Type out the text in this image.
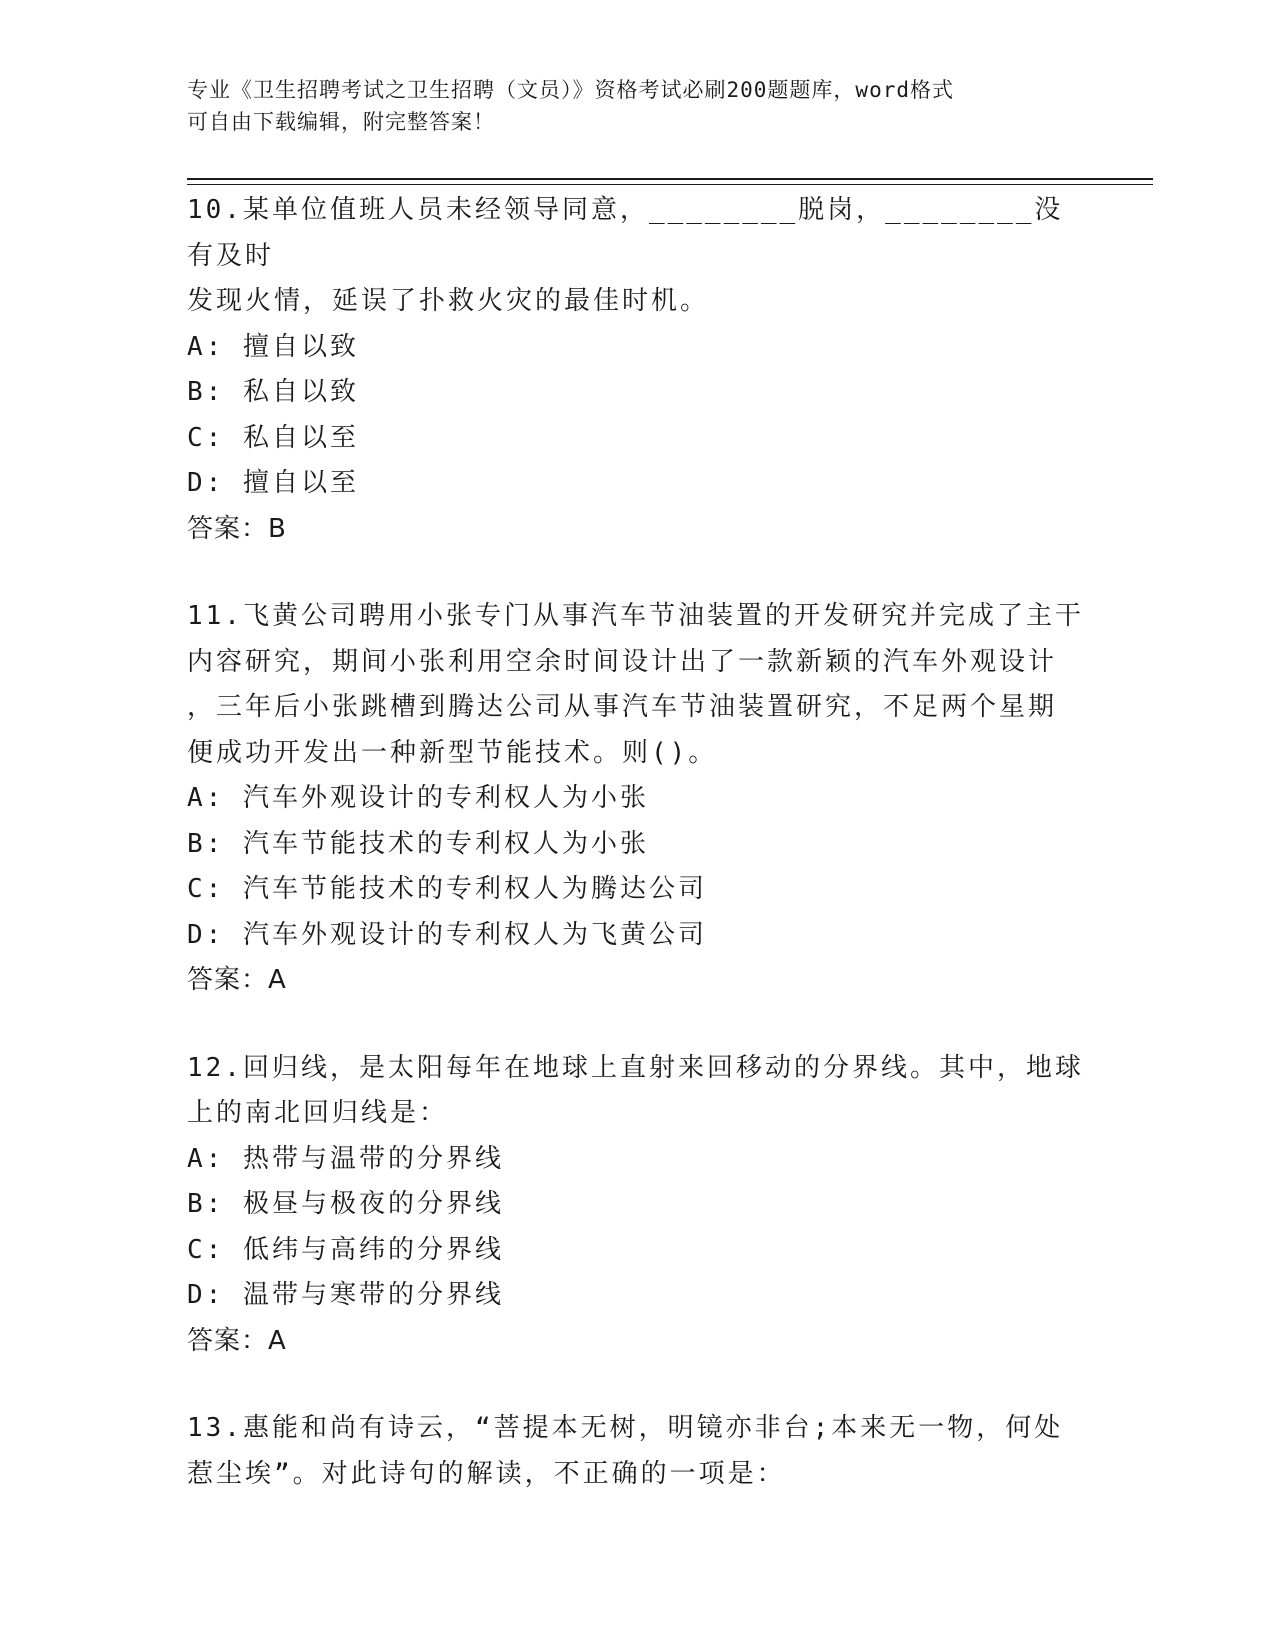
专业《卫生招聘考试之卫生招聘（文员）》资格考试必刷200题题库，word格式
可自由下载编辑，附完整答案！
10.某单位值班人员未经领导同意，________脱岗，________没有及时
发现火情，延误了扑救火灾的最佳时机。
A: 擅自以致
B: 私自以致
C: 私自以至
D: 擅自以至
答案：B
11.飞黄公司聘用小张专门从事汽车节油装置的开发研究并完成了主干
内容研究，期间小张利用空余时间设计出了一款新颖的汽车外观设计
，三年后小张跳槽到腾达公司从事汽车节油装置研究，不足两个星期
便成功开发出一种新型节能技术。则()。
A: 汽车外观设计的专利权人为小张
B: 汽车节能技术的专利权人为小张
C: 汽车节能技术的专利权人为腾达公司
D: 汽车外观设计的专利权人为飞黄公司
答案：A
12.回归线，是太阳每年在地球上直射来回移动的分界线。其中，地球
上的南北回归线是：
A: 热带与温带的分界线
B: 极昼与极夜的分界线
C: 低纬与高纬的分界线
D: 温带与寒带的分界线
答案：A
13.惠能和尚有诗云，“菩提本无树，明镜亦非台;本来无一物，何处
惹尘埃”。对此诗句的解读，不正确的一项是：
